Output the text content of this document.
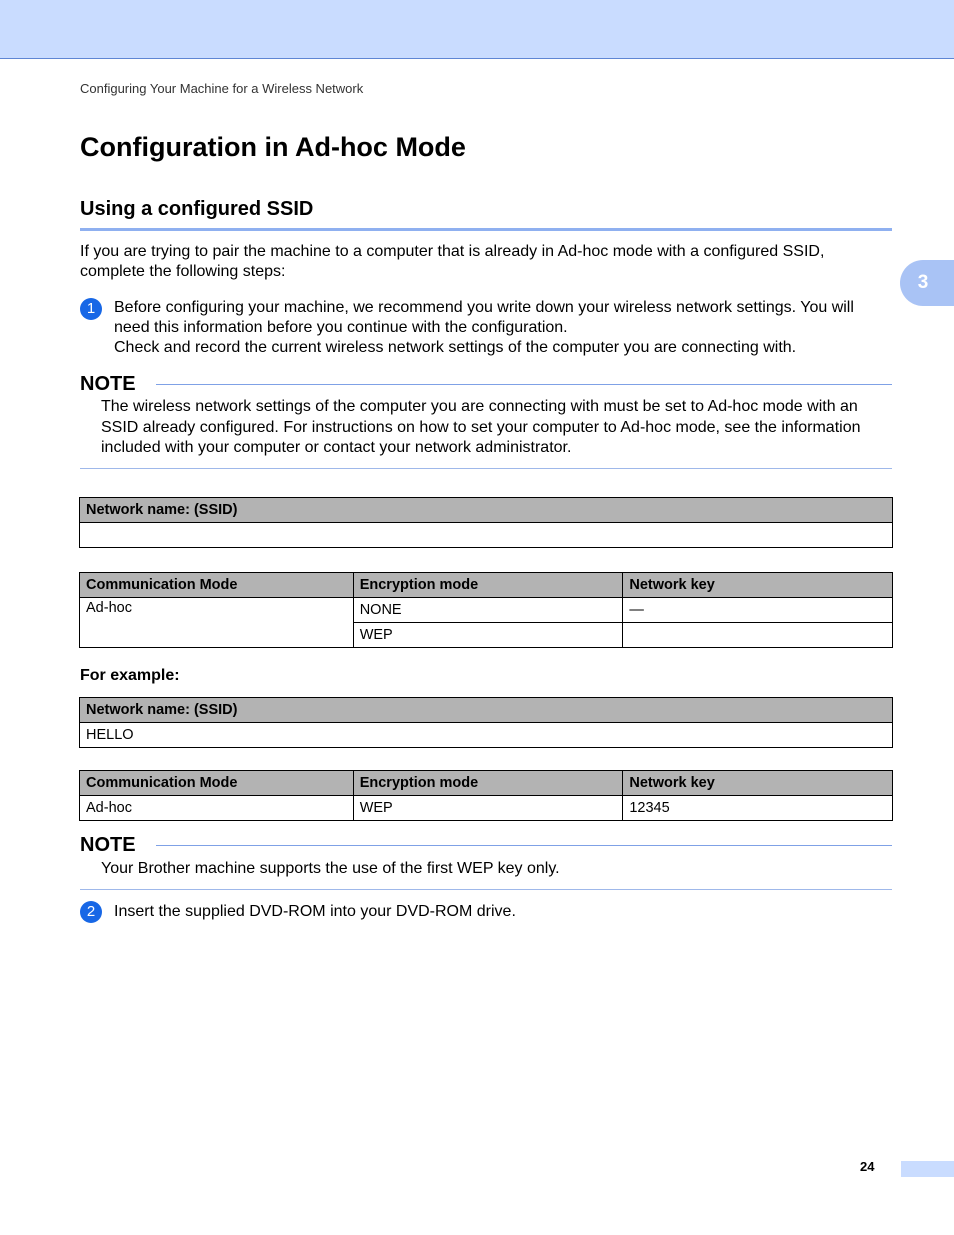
Configuring Your Machine for a Wireless Network
3
Configuration in Ad-hoc Mode
Using a configured SSID
If you are trying to pair the machine to a computer that is already in Ad-hoc mode with a configured SSID, complete the following steps:
1	Before configuring your machine, we recommend you write down your wireless network settings. You will need this information before you continue with the configuration.
Check and record the current wireless network settings of the computer you are connecting with.
NOTE
The wireless network settings of the computer you are connecting with must be set to Ad-hoc mode with an SSID already configured. For instructions on how to set your computer to Ad-hoc mode, see the information included with your computer or contact your network administrator.
Network name: (SSID)

Communication Mode	Encryption mode	Network key
Ad-hoc	NONE	—
	WEP	
For example:
Network name: (SSID)
HELLO
Communication Mode	Encryption mode	Network key
Ad-hoc	WEP	12345
NOTE
Your Brother machine supports the use of the first WEP key only.
2	Insert the supplied DVD-ROM into your DVD-ROM drive.
24
